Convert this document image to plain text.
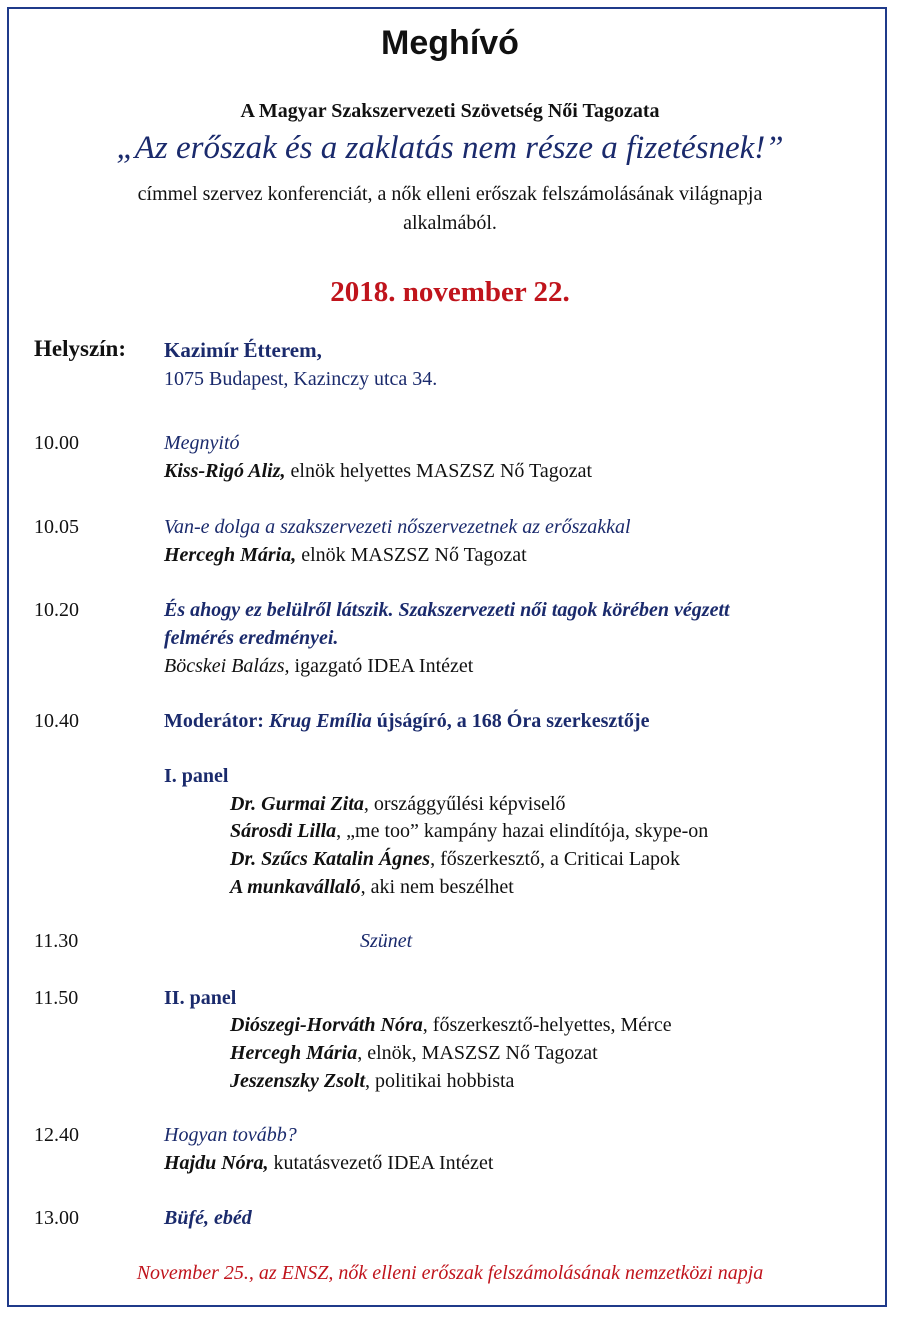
Meghívó
A Magyar Szakszervezeti Szövetség Női Tagozata
„Az erőszak és a zaklatás nem része a fizetésnek!”
címmel szervez konferenciát, a nők elleni erőszak felszámolásának világnapja
alkalmából.
2018. november 22.
Helyszín: Kazimír Étterem,
1075 Budapest, Kazinczy utca 34.
10.00	Megnyitó
Kiss-Rigó Aliz, elnök helyettes MASZSZ Nő Tagozat
10.05	Van-e dolga a szakszervezeti nőszervezetnek az erőszakkal
Hercegh Mária, elnök MASZSZ Nő Tagozat
10.20	És ahogy ez belülről látszik. Szakszervezeti női tagok körében végzett
felmérés eredményei.
Böcskei Balázs, igazgató IDEA Intézet
10.40	Moderátor: Krug Emília újságíró, a 168 Óra szerkesztője
I. panel
Dr. Gurmai Zita, országgyűlési képviselő
Sárosdi Lilla, „me too” kampány hazai elindítója, skype-on
Dr. Szűcs Katalin Ágnes, főszerkesztő, a Criticai Lapok
A munkavállaló, aki nem beszélhet
11.30	Szünet
11.50	II. panel
Diószegi-Horváth Nóra, főszerkesztő-helyettes, Mérce
Hercegh Mária, elnök, MASZSZ Nő Tagozat
Jeszenszky Zsolt, politikai hobbista
12.40	Hogyan tovább?
Hajdu Nóra, kutatásvezető IDEA Intézet
13.00	Büfé, ebéd
November 25., az ENSZ, nők elleni erőszak felszámolásának nemzetközi napja
